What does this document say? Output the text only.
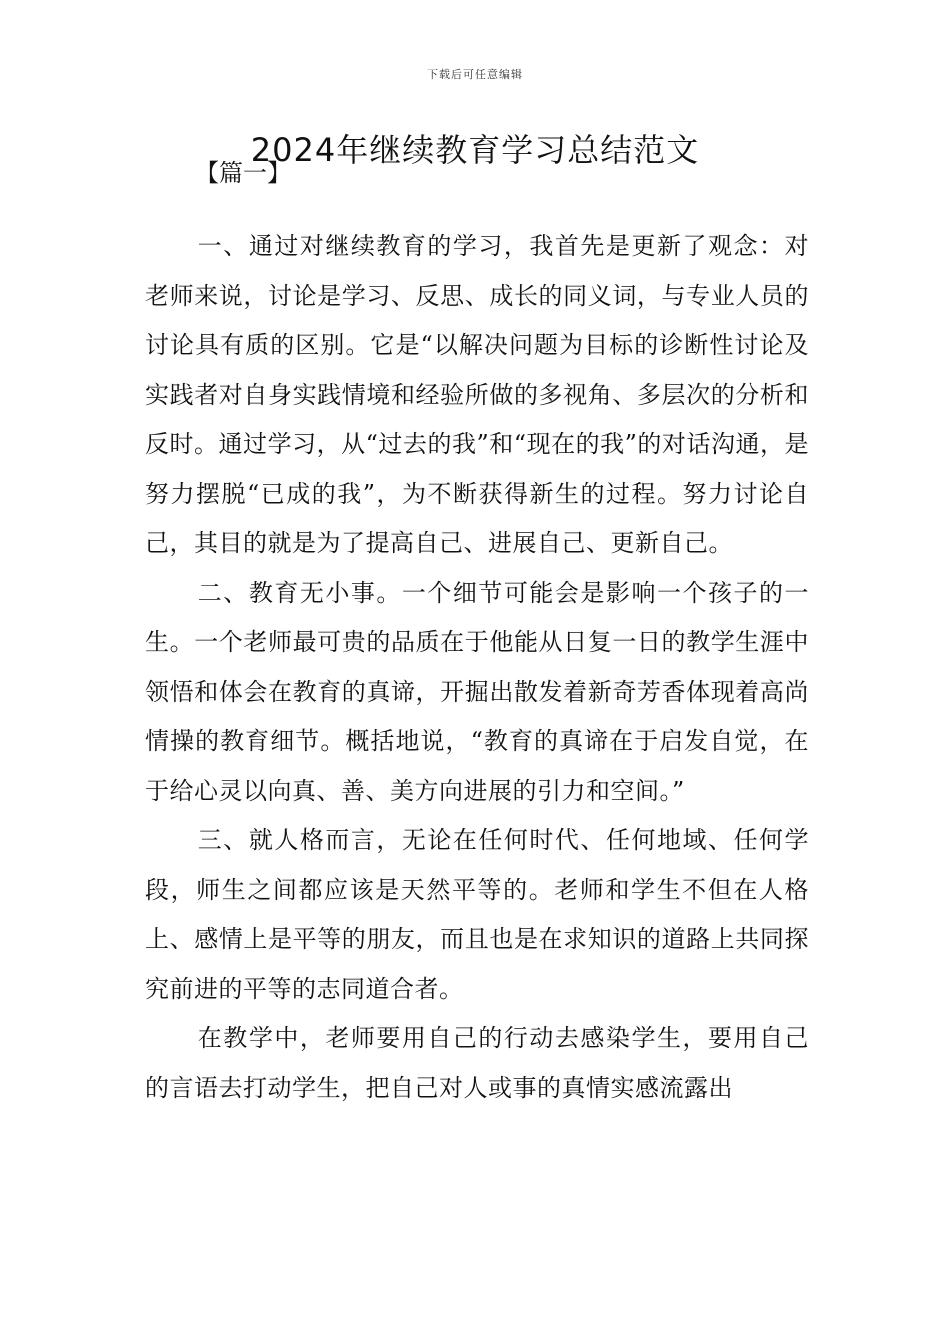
下载后可任意编辑
2024年继续教育学习总结范文
【篇一】

一、通过对继续教育的学习，我首先是更新了观念：对老师来说，讨论是学习、反思、成长的同义词，与专业人员的讨论具有质的区别。它是“以解决问题为目标的诊断性讨论及实践者对自身实践情境和经验所做的多视角、多层次的分析和反时。通过学习，从“过去的我”和“现在的我”的对话沟通，是努力摆脱“已成的我”，为不断获得新生的过程。努力讨论自己，其目的就是为了提高自己、进展自己、更新自己。

二、教育无小事。一个细节可能会是影响一个孩子的一生。一个老师最可贵的品质在于他能从日复一日的教学生涯中领悟和体会在教育的真谛，开掘出散发着新奇芳香体现着高尚情操的教育细节。概括地说，“教育的真谛在于启发自觉，在于给心灵以向真、善、美方向进展的引力和空间。”

三、就人格而言，无论在任何时代、任何地域、任何学段，师生之间都应该是天然平等的。老师和学生不但在人格上、感情上是平等的朋友，而且也是在求知识的道路上共同探究前进的平等的志同道合者。

在教学中，老师要用自己的行动去感染学生，要用自己的言语去打动学生，把自己对人或事的真情实感流露出
